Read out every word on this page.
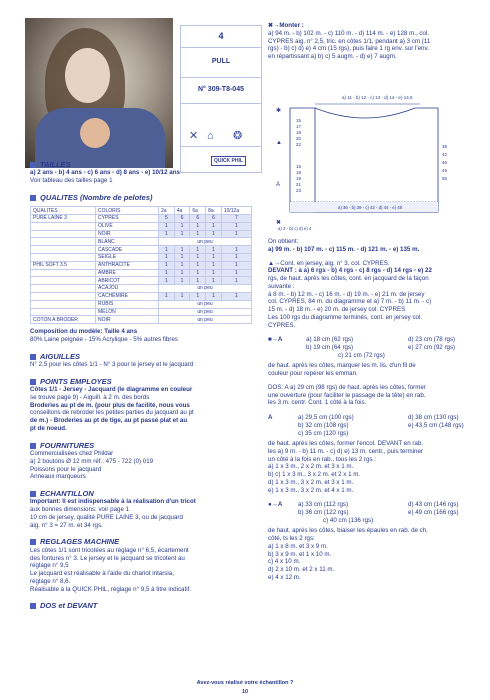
4
PULL
N° 309-T8-045
✕ ⌂ ❂
QUICK PHIL
TAILLES
a) 2 ans - b) 4 ans - c) 6 ans - d) 8 ans - e) 10/12 ans
Voir tableau des tailles page 1
QUALITES (Nombre de pelotes)
QUALITES	COLORIS	2a	4a	6a	8a	10/12a
PURE LAINE 3	CYPRES	5	6	6	6	7
	OLIVE	1	1	1	1	1
	NOIR	1	1	1	1	1
	BLANC	un peu				
	CASCADE	1	1	1	1	1
	SEIGLE	1	1	1	1	1
PHIL SOFT 3.5	ANTHRACITE	1	1	1	1	1
	AMBRE	1	1	1	1	1
	ABRICOT	1	1	1	1	1
	ACAJOU	un peu				
	CACHEMIRE	1	1	1	1	1
	RUBIS	un peu				
	MELON	un peu				
COTON A BRODER	NOIR	un peu				
Composition du modèle: Taille 4 ans
80% Laine peignée - 15% Acrylique - 5% autres fibres
AIGUILLES
N° 2,5 pour les côtes 1/1 - N° 3 pour le jersey et le jacquard
POINTS EMPLOYES
Côtes 1/1 - Jersey - Jacquard (le diagramme en couleur
se trouve page 9) - Aiguill. à 2 m. des bords
Broderies au pt de m. (pour plus de facilité, nous vous
conseillons de rebroder les petites parties du jacquard au pt
de m.) - Broderies au pt de tige, au pt passé plat et au
pt de noeud.
FOURNITURES
Commercialisées chez Phildar
a) 2 boutons Ø 12 mm réf.: 475 - 722 (0) 019
Poissons pour le jacquard
Anneaux marqueurs
ECHANTILLON
Important: Il est indispensable à la réalisation d'un tricot
aux bonnes dimensions: voir page 1
10 cm de jersey, qualité PURE LAINE 3, ou de jacquard
aig. n° 3 = 27 m. et 34 rgs.
REGLAGES MACHINE
Les côtes 1/1 sont tricotées au réglage n° 6,5, écartement
des fontures n° 3. Le jersey et le jacquard se tricotent au
réglage n° 9,5
Le jacquard est réalisable à l'aide du chariot intarsia,
réglage n° 8,6.
Réalisable à la QUICK PHIL, réglage n° 9,5 à titre indicatif.
DOS et DEVANT
✖→Monter :
a) 94 m. - b) 102 m. - c) 110 m. - d) 114 m. - e) 128 m., col.
CYPRES aig. n° 2,5, tric. en côtes 1/1, pendant a) 3 cm (11
rgs) - b) c) d) e) 4 cm (15 rgs), puis faire 1 rg env. sur l'env.
en répartissant a) b) c) 5 augm. - d) e) 7 augm.
a) 11 - b) 12 - c) 13 - d) 14 - e) 14,5
a) 36 - b) 39 - c) 42 - d) 44 - e) 48
a) 3 - b) c) d) e) 4
15
17
19
20
22
16
18
19
21
23
38
42
46
49
55
✱
▲
A
✖
On obtient:
a) 99 m. - b) 107 m. - c) 115 m. - d) 121 m. - e) 135 m.
▲→Cont. en jersey, aig. n° 3, col. CYPRES.
DEVANT : à a) 6 rgs - b) 4 rgs - c) 8 rgs - d) 14 rgs - e) 22
rgs, de haut. après les côtes, cont. en jacquard de la façon
suivante :
à 8 m. - b) 12 m. - c) 16 m. - d) 19 m. - e) 21 m. de jersey
col. CYPRES, 84 m. du diagramme et a) 7 m. - b) 11 m. - c)
15 m. - d) 18 m. - e) 20 m. de jersey col. CYPRES
Les 100 rgs du diagramme terminés, cont. en jersey col.
CYPRES.
■→A	a) 18 cm (62 rgs)	d) 23 cm (78 rgs)
b) 19 cm (64 rgs)	e) 27 cm (92 rgs)
c) 21 cm (72 rgs)
de haut. après les côtes, marquer les m. lis. d'un fil de
couleur pour repérer les emman.
DOS: A a) 29 cm (98 rgs) de haut. après les côtes, former
une ouverture (pour faciliter le passage de la tête) en rab.
les 3 m. centr. Cont. 1 côté à la fois.
A	a) 29,5 cm (100 rgs)	d) 38 cm (130 rgs)
b) 32 cm (108 rgs)	e) 43,5 cm (148 rgs)
c) 35 cm (120 rgs)
de haut. après les côtes, former l'encol. DEVANT en rab.
les a) 9 m. - b) 11 m. - c) d) e) 13 m. centr., puis terminer
un côté à la fois en rab., tous les 2 rgs :
a) 1 x 3 m., 2 x 2 m. et 3 x 1 m.
b) c) 1 x 3 m., 3 x 2 m. et 2 x 1 m.
d) 1 x 3 m., 3 x 2 m. et 3 x 1 m.
e) 1 x 3 m., 3 x 2 m. et 4 x 1 m.
●→A	a) 33 cm (112 rgs)	d) 43 cm (146 rgs)
b) 36 cm (122 rgs)	e) 49 cm (166 rgs)
c) 40 cm (136 rgs)
de haut. après les côtes, biaiser les épaules en rab. de ch.
côté, ts les 2 rgs:
a) 1 x 8 m. et 3 x 9 m.
b) 3 x 9 m. et 1 x 10 m.
c) 4 x 10 m.
d) 2 x 10 m. et 2 x 11 m.
e) 4 x 12 m.
Avez-vous réalisé votre échantillon ?
10
